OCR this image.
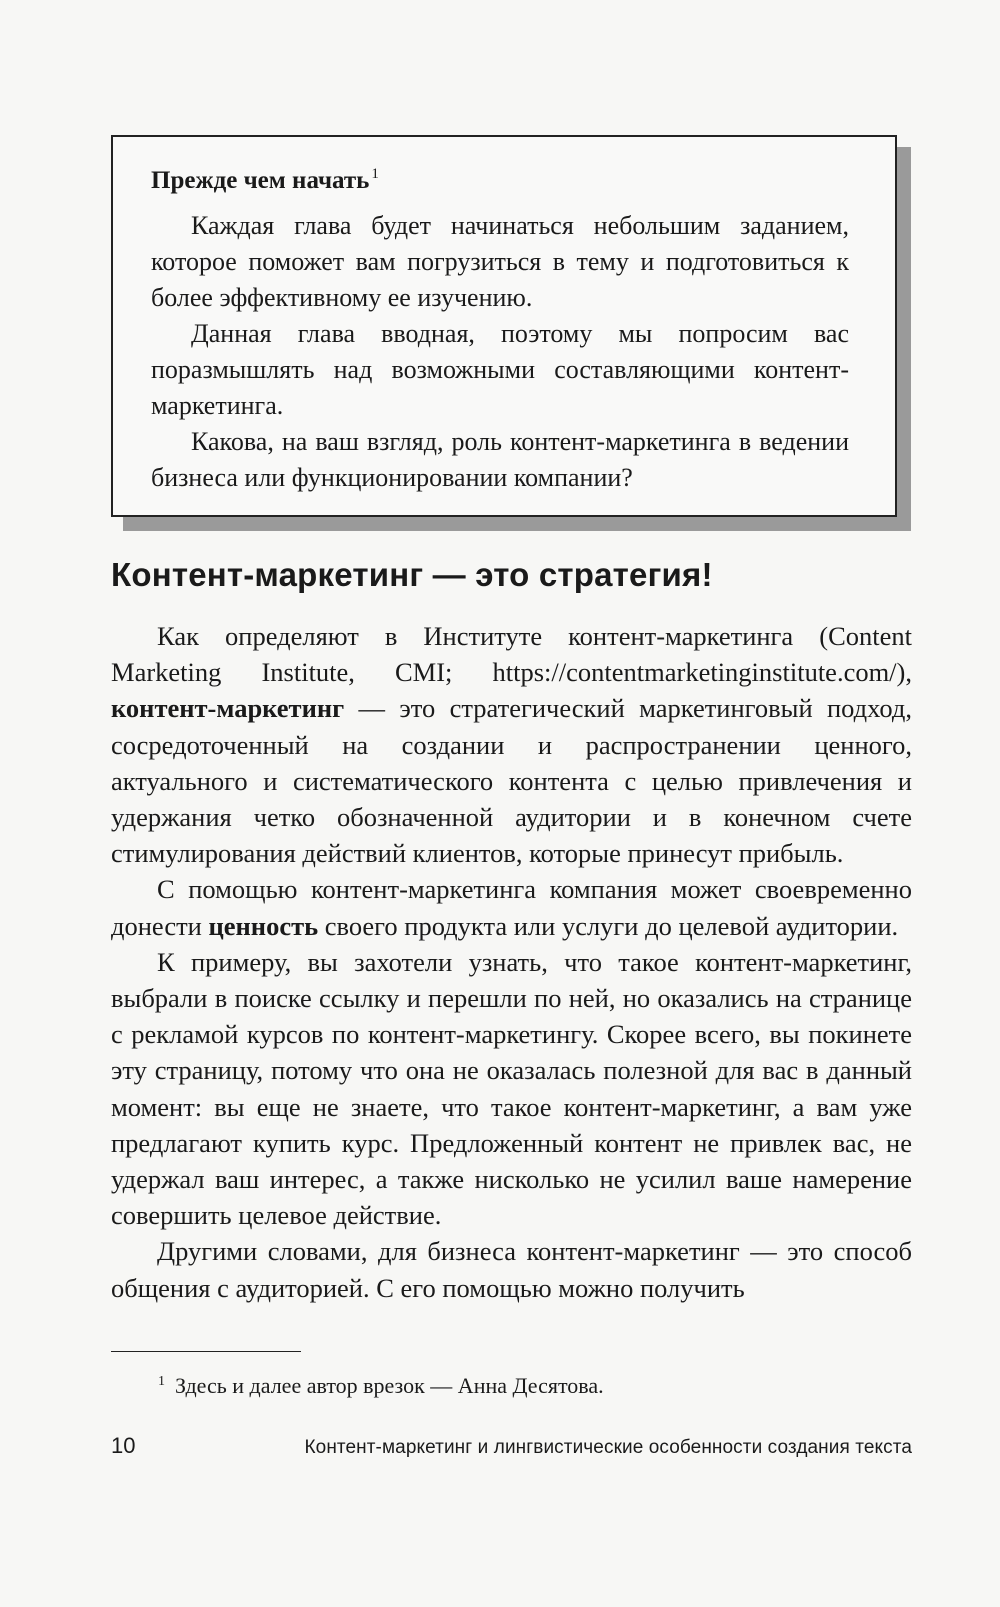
Прежде чем начать $^1$

Каждая глава будет начинаться небольшим заданием, которое поможет вам погрузиться в тему и подготовиться к более эффективному ее изучению.

Данная глава вводная, поэтому мы попросим вас поразмышлять над возможными составляющими контент-маркетинга.

Какова, на ваш взгляд, роль контент-маркетинга в ведении бизнеса или функционировании компании?

Контент-маркетинг — это стратегия!

Как определяют в Институте контент-маркетинга (Content Marketing Institute, CMI; https://contentmarketinginstitute.com/), контент-маркетинг — это стратегический маркетинговый подход, сосредоточенный на создании и распространении ценного, актуального и систематического контента с целью привлечения и удержания четко обозначенной аудитории и в конечном счете стимулирования действий клиентов, которые принесут прибыль.

С помощью контент-маркетинга компания может своевременно донести ценность своего продукта или услуги до целевой аудитории.

К примеру, вы захотели узнать, что такое контент-маркетинг, выбрали в поиске ссылку и перешли по ней, но оказались на странице с рекламой курсов по контент-маркетингу. Скорее всего, вы покинете эту страницу, потому что она не оказалась полезной для вас в данный момент: вы еще не знаете, что такое контент-маркетинг, а вам уже предлагают купить курс. Предложенный контент не привлек вас, не удержал ваш интерес, а также нисколько не усилил ваше намерение совершить целевое действие.

Другими словами, для бизнеса контент-маркетинг — это способ общения с аудиторией. С его помощью можно получить

$^1$ Здесь и далее автор врезок — Анна Десятова.
10	Контент-маркетинг и лингвистические особенности создания текста
